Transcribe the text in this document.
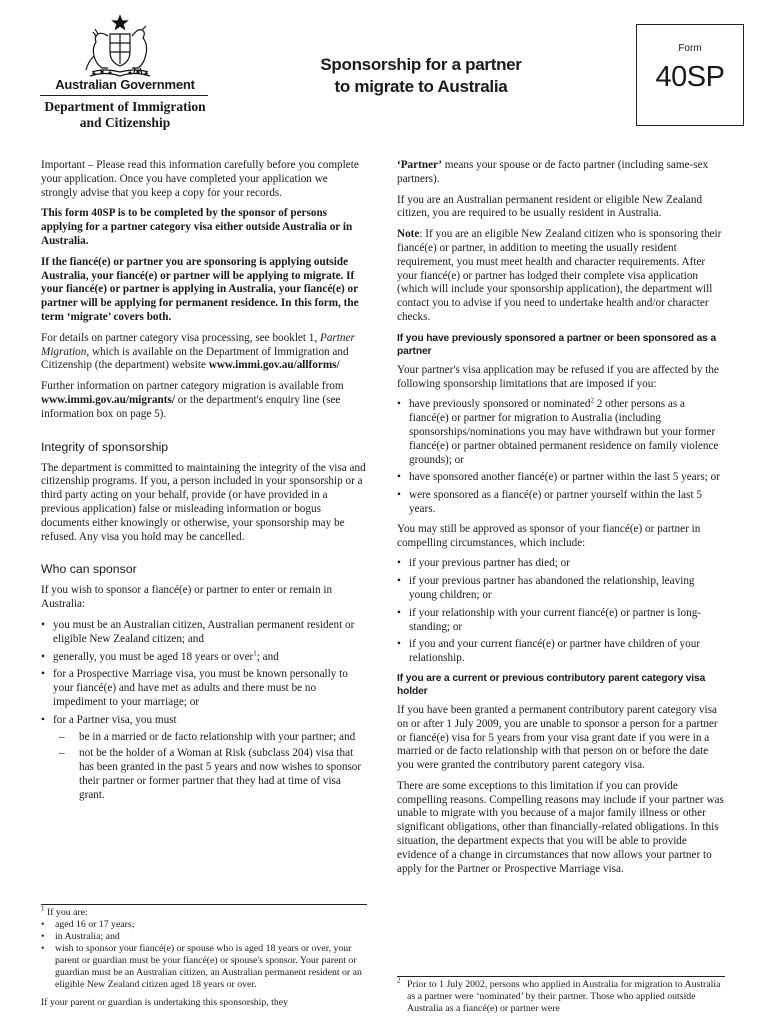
Australian Government
Department of Immigration
and Citizenship
Sponsorship for a partner
to migrate to Australia
Form
40SP

Important – Please read this information carefully before you complete your application. Once you have completed your application we strongly advise that you keep a copy for your records.

This form 40SP is to be completed by the sponsor of persons applying for a partner category visa either outside Australia or in Australia.

If the fiancé(e) or partner you are sponsoring is applying outside Australia, your fiancé(e) or partner will be applying to migrate. If your fiancé(e) or partner is applying in Australia, your fiancé(e) or partner will be applying for permanent residence. In this form, the term ‘migrate’ covers both.

For details on partner category visa processing, see booklet 1, Partner Migration, which is available on the Department of Immigration and Citizenship (the department) website www.immi.gov.au/allforms/

Further information on partner category migration is available from www.immi.gov.au/migrants/ or the department's enquiry line (see information box on page 5).

Integrity of sponsorship

The department is committed to maintaining the integrity of the visa and citizenship programs. If you, a person included in your sponsorship or a third party acting on your behalf, provide (or have provided in a previous application) false or misleading information or bogus documents either knowingly or otherwise, your sponsorship may be refused. Any visa you hold may be cancelled.

Who can sponsor

If you wish to sponsor a fiancé(e) or partner to enter or remain in Australia:

• you must be an Australian citizen, Australian permanent resident or eligible New Zealand citizen; and
• generally, you must be aged 18 years or over$^1$; and
• for a Prospective Marriage visa, you must be known personally to your fiancé(e) and have met as adults and there must be no impediment to your marriage; or
• for a Partner visa, you must
– be in a married or de facto relationship with your partner; and
– not be the holder of a Woman at Risk (subclass 204) visa that has been granted in the past 5 years and now wishes to sponsor their partner or former partner that they had at time of visa grant.

$^1$ If you are:

• aged 16 or 17 years;
• in Australia; and
• wish to sponsor your fiancé(e) or spouse who is aged 18 years or over, your parent or guardian must be your fiancé(e) or spouse's sponsor. Your parent or guardian must be an Australian citizen, an Australian permanent resident or an eligible New Zealand citizen aged 18 years or over.

If your parent or guardian is undertaking this sponsorship, they

‘Partner’ means your spouse or de facto partner (including same-sex partners).

If you are an Australian permanent resident or eligible New Zealand citizen, you are required to be usually resident in Australia.

Note: If you are an eligible New Zealand citizen who is sponsoring their fiancé(e) or partner, in addition to meeting the usually resident requirement, you must meet health and character requirements. After your fiancé(e) or partner has lodged their complete visa application (which will include your sponsorship application), the department will contact you to advise if you need to undertake health and/or character checks.

If you have previously sponsored a partner or been sponsored as a partner

Your partner's visa application may be refused if you are affected by the following sponsorship limitations that are imposed if you:

• have previously sponsored or nominated$^2$ 2 other persons as a fiancé(e) or partner for migration to Australia (including sponsorships/nominations you may have withdrawn but your former fiancé(e) or partner obtained permanent residence on family violence grounds); or
• have sponsored another fiancé(e) or partner within the last 5 years; or
• were sponsored as a fiancé(e) or partner yourself within the last 5 years.

You may still be approved as sponsor of your fiancé(e) or partner in compelling circumstances, which include:

• if your previous partner has died; or
• if your previous partner has abandoned the relationship, leaving young children; or
• if your relationship with your current fiancé(e) or partner is long-standing; or
• if you and your current fiancé(e) or partner have children of your relationship.
If you are a current or previous contributory parent category visa holder

If you have been granted a permanent contributory parent category visa on or after 1 July 2009, you are unable to sponsor a person for a partner or fiancé(e) visa for 5 years from your visa grant date if you were in a married or de facto relationship with that person on or before the date you were granted the contributory parent category visa.

There are some exceptions to this limitation if you can provide compelling reasons. Compelling reasons may include if your partner was unable to migrate with you because of a major family illness or other significant obligations, other than financially-related obligations. In this situation, the department expects that you will be able to provide evidence of a change in circumstances that now allows your partner to apply for the Partner or Prospective Marriage visa.

$^2$ Prior to 1 July 2002, persons who applied in Australia for migration to Australia as a partner were ‘nominated’ by their partner. Those who applied outside Australia as a fiancé(e) or partner were
